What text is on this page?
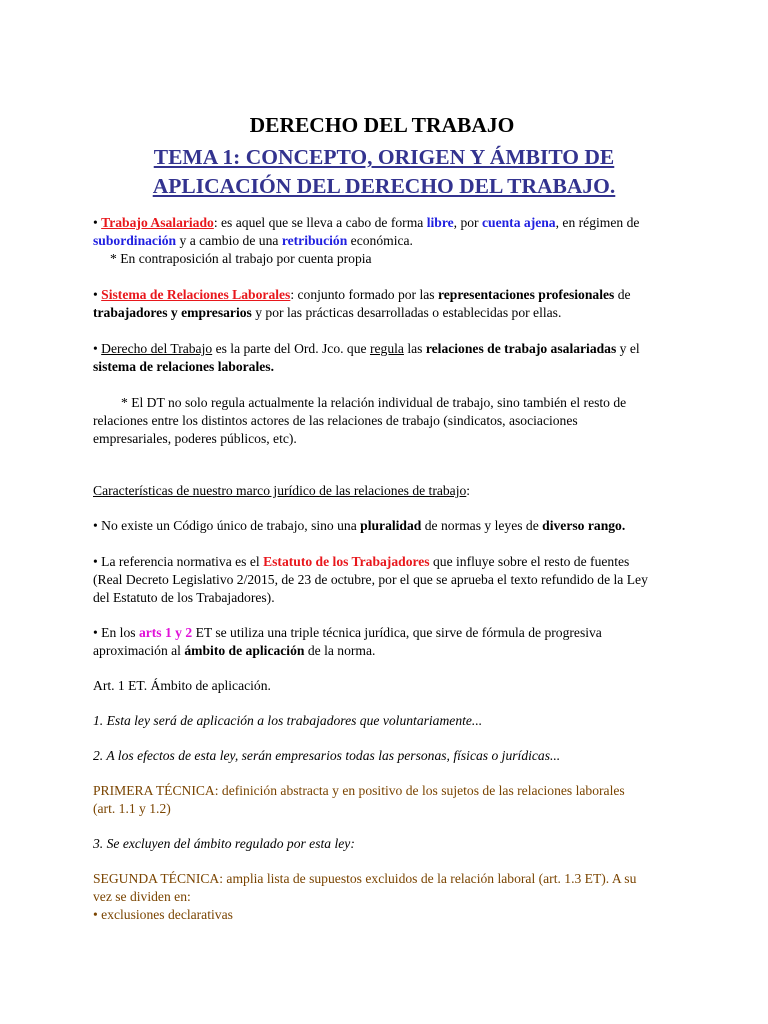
DERECHO DEL TRABAJO
TEMA 1: CONCEPTO, ORIGEN Y ÁMBITO DE
APLICACIÓN DEL DERECHO DEL TRABAJO.
• Trabajo Asalariado: es aquel que se lleva a cabo de forma libre, por cuenta ajena, en régimen de
subordinación y a cambio de una retribución económica.
* En contraposición al trabajo por cuenta propia
• Sistema de Relaciones Laborales: conjunto formado por las representaciones profesionales de
trabajadores y empresarios y por las prácticas desarrolladas o establecidas por ellas.
• Derecho del Trabajo es la parte del Ord. Jco. que regula las relaciones de trabajo asalariadas y el
sistema de relaciones laborales.
* El DT no solo regula actualmente la relación individual de trabajo, sino también el resto de
relaciones entre los distintos actores de las relaciones de trabajo (sindicatos, asociaciones
empresariales, poderes públicos, etc).
Características de nuestro marco jurídico de las relaciones de trabajo:
• No existe un Código único de trabajo, sino una pluralidad de normas y leyes de diverso rango.
• La referencia normativa es el Estatuto de los Trabajadores que influye sobre el resto de fuentes
(Real Decreto Legislativo 2/2015, de 23 de octubre, por el que se aprueba el texto refundido de la Ley
del Estatuto de los Trabajadores).
• En los arts 1 y 2 ET se utiliza una triple técnica jurídica, que sirve de fórmula de progresiva
aproximación al ámbito de aplicación de la norma.
Art. 1 ET. Ámbito de aplicación.
1. Esta ley será de aplicación a los trabajadores que voluntariamente...
2. A los efectos de esta ley, serán empresarios todas las personas, físicas o jurídicas...
PRIMERA TÉCNICA: definición abstracta y en positivo de los sujetos de las relaciones laborales
(art. 1.1 y 1.2)
3. Se excluyen del ámbito regulado por esta ley:
SEGUNDA TÉCNICA: amplia lista de supuestos excluidos de la relación laboral (art. 1.3 ET). A su
vez se dividen en:
• exclusiones declarativas
